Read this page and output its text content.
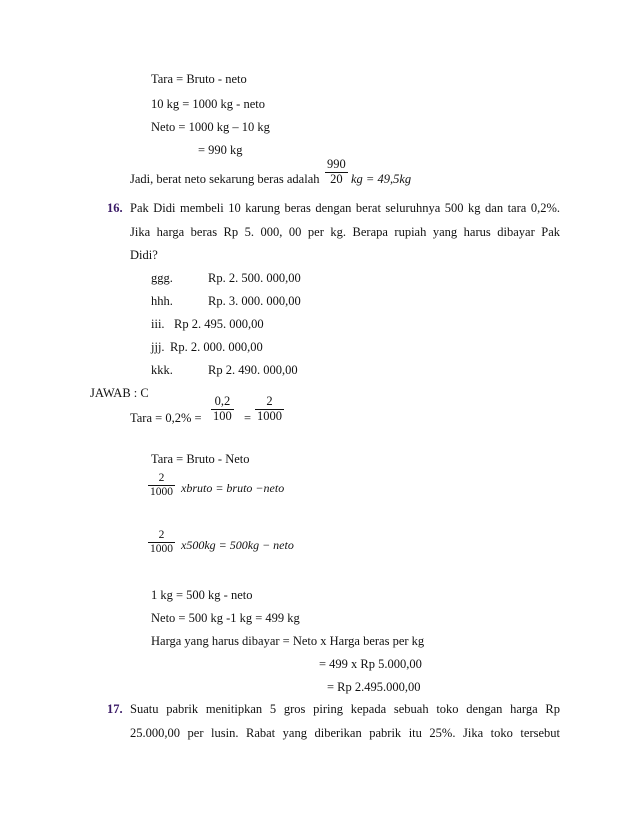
Tara = Bruto - neto
10 kg = 1000 kg - neto
Neto = 1000 kg – 10 kg
= 990 kg
Jadi, berat neto sekarung beras adalah $\frac{990}{20}$ kg = 49,5kg
16. Pak Didi membeli 10 karung beras dengan berat seluruhnya 500 kg dan tara 0,2%.
Jika harga beras Rp 5. 000, 00 per kg. Berapa rupiah yang harus dibayar Pak
Didi?
ggg.	Rp. 2. 500. 000,00
hhh.	Rp. 3. 000. 000,00
iii. Rp 2. 495. 000,00
jjj. Rp. 2. 000. 000,00
kkk.	Rp 2. 490. 000,00
JAWAB : C
Tara = $0,2\% = \frac{0,2}{100} = \frac{2}{1000}$
Tara = Bruto - Neto
$\frac{2}{1000}$ xbruto = bruto −neto
$\frac{2}{1000} x500kg = 500kg$ − neto
1 kg = 500 kg - neto
Neto = 500 kg -1 kg = 499 kg
Harga yang harus dibayar = Neto x Harga beras per kg
= 499 x Rp 5.000,00
= Rp 2.495.000,00
17. Suatu pabrik menitipkan 5 gros piring kepada sebuah toko dengan harga Rp
25.000,00 per lusin. Rabat yang diberikan pabrik itu 25%. Jika toko tersebut
